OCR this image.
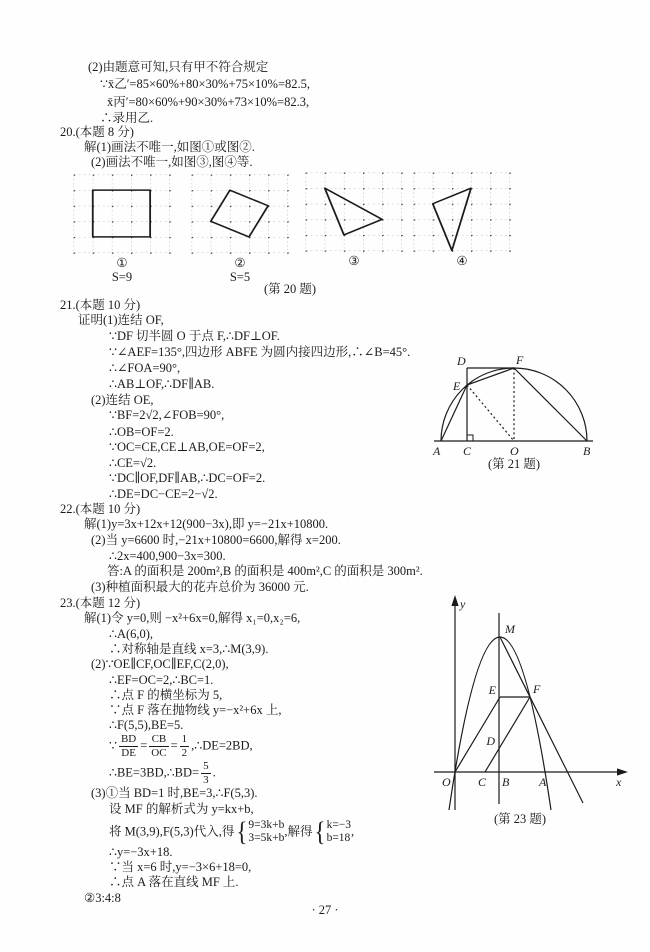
(2)由题意可知,只有甲不符合规定
∵x̄乙′=85×60%+80×30%+75×10%=82.5,
x̄丙′=80×60%+90×30%+73×10%=82.3,
∴录用乙.
20.(本题 8 分)
解(1)画法不唯一,如图①或图②.
(2)画法不唯一,如图③,图④等.
①
S=9
②
S=5
③	④
(第 20 题)
21.(本题 10 分)
证明(1)连结 OF,
∵DF 切半圆 O 于点 F,∴DF⊥OF.
∵∠AEF=135°,四边形 ABFE 为圆内接四边形,∴∠B=45°.
∴∠FOA=90°,
∴AB⊥OF,∴DF∥AB.
(2)连结 OE,
∵BF=2√2,∠FOB=90°,
∴OB=OF=2.
∵OC=CE,CE⊥AB,OE=OF=2,
∴CE=√2.
∵DC∥OF,DF∥AB,∴DC=OF=2.
∴DE=DC−CE=2−√2.
D	F
E
A C	O	B
(第 21 题)
22.(本题 10 分)
解(1)y=3x+12x+12(900−3x),即 y=−21x+10800.
(2)当 y=6600 时,−21x+10800=6600,解得 x=200.
∴2x=400,900−3x=300.
答:A 的面积是 200m²,B 的面积是 400m²,C 的面积是 300m².
(3)种植面积最大的花卉总价为 36000 元.
23.(本题 12 分)
解(1)令 y=0,则 −x²+6x=0,解得 x₁=0,x₂=6,
∴A(6,0),
∴对称轴是直线 x=3,∴M(3,9).
(2)∵OE∥CF,OC∥EF,C(2,0),
∴EF=OC=2,∴BC=1.
∴点 F 的横坐标为 5,
∵点 F 落在抛物线 y=−x²+6x 上,
∴F(5,5),BE=5.
∵ $\frac{BD}{DE} = \frac{CB}{OC} = \frac{1}{2}$ ,∴DE=2BD,
∴BE=3BD,∴BD= $\frac{5}{3}$ .
(3)①当 BD=1 时,BE=3,∴F(5,3).
设 MF 的解析式为 y=kx+b,
将 M(3,9),F(5,3)代入,得{ 9=3k+b
3=5k+b
,解得{ k=−3
b=18
,
∴y=−3x+18.
∵当 x=6 时,y=−3×6+18=0,
∴点 A 落在直线 MF 上.
②3:4:8
y
x
M
E	F
D
O C B A
(第 23 题)
· 27 ·
